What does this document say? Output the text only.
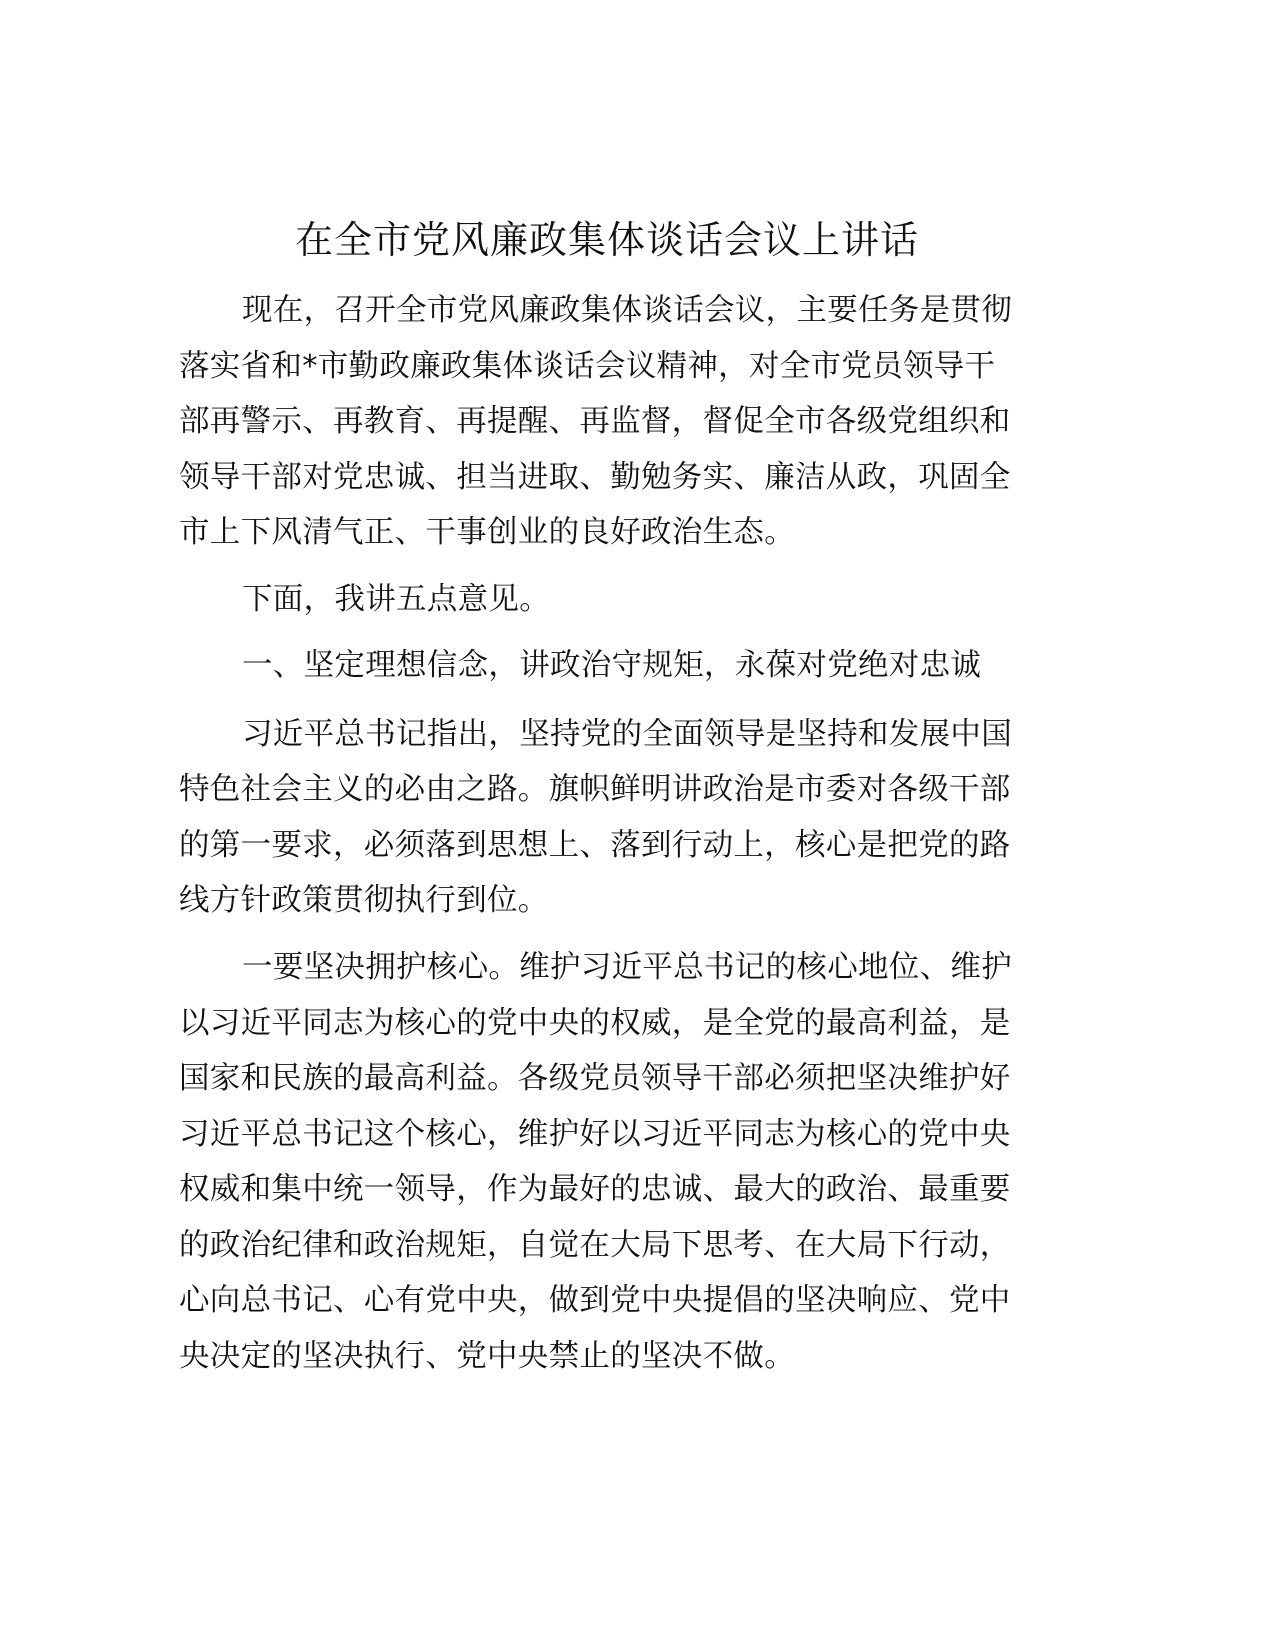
在全市党风廉政集体谈话会议上讲话
现在，召开全市党风廉政集体谈话会议，主要任务是贯彻
落实省和*市勤政廉政集体谈话会议精神，对全市党员领导干
部再警示、再教育、再提醒、再监督，督促全市各级党组织和
领导干部对党忠诚、担当进取、勤勉务实、廉洁从政，巩固全
市上下风清气正、干事创业的良好政治生态。
下面，我讲五点意见。
一、坚定理想信念，讲政治守规矩，永葆对党绝对忠诚
习近平总书记指出，坚持党的全面领导是坚持和发展中国
特色社会主义的必由之路。旗帜鲜明讲政治是市委对各级干部
的第一要求，必须落到思想上、落到行动上，核心是把党的路
线方针政策贯彻执行到位。
一要坚决拥护核心。维护习近平总书记的核心地位、维护
以习近平同志为核心的党中央的权威，是全党的最高利益，是
国家和民族的最高利益。各级党员领导干部必须把坚决维护好
习近平总书记这个核心，维护好以习近平同志为核心的党中央
权威和集中统一领导，作为最好的忠诚、最大的政治、最重要
的政治纪律和政治规矩，自觉在大局下思考、在大局下行动，
心向总书记、心有党中央，做到党中央提倡的坚决响应、党中
央决定的坚决执行、党中央禁止的坚决不做。
